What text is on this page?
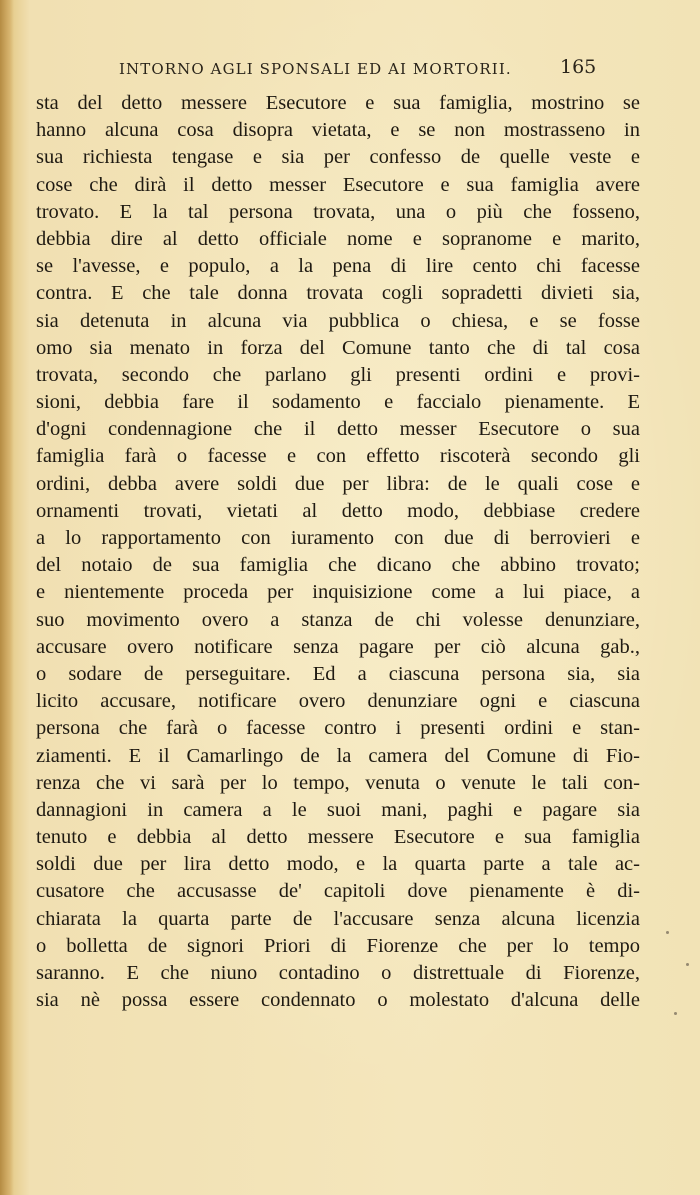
INTORNO AGLI SPONSALI ED AI MORTORII.	165
sta del detto messere Esecutore e sua famiglia, mostrino se
hanno alcuna cosa disopra vietata, e se non mostrasseno in
sua richiesta tengase e sia per confesso de quelle veste e
cose che dirà il detto messer Esecutore e sua famiglia avere
trovato. E la tal persona trovata, una o più che fosseno,
debbia dire al detto officiale nome e sopranome e marito,
se l'avesse, e populo, a la pena di lire cento chi facesse
contra. E che tale donna trovata cogli sopradetti divieti sia,
sia detenuta in alcuna via pubblica o chiesa, e se fosse
omo sia menato in forza del Comune tanto che di tal cosa
trovata, secondo che parlano gli presenti ordini e provi-
sioni, debbia fare il sodamento e faccialo pienamente. E
d'ogni condennagione che il detto messer Esecutore o sua
famiglia farà o facesse e con effetto riscoterà secondo gli
ordini, debba avere soldi due per libra: de le quali cose e
ornamenti trovati, vietati al detto modo, debbiase credere
a lo rapportamento con iuramento con due di berrovieri e
del notaio de sua famiglia che dicano che abbino trovato;
e nientemente proceda per inquisizione come a lui piace, a
suo movimento overo a stanza de chi volesse denunziare,
accusare overo notificare senza pagare per ciò alcuna gab.,
o sodare de perseguitare. Ed a ciascuna persona sia, sia
licito accusare, notificare overo denunziare ogni e ciascuna
persona che farà o facesse contro i presenti ordini e stan-
ziamenti. E il Camarlingo de la camera del Comune di Fio-
renza che vi sarà per lo tempo, venuta o venute le tali con-
dannagioni in camera a le suoi mani, paghi e pagare sia
tenuto e debbia al detto messere Esecutore e sua famiglia
soldi due per lira detto modo, e la quarta parte a tale ac-
cusatore che accusasse de' capitoli dove pienamente è di-
chiarata la quarta parte de l'accusare senza alcuna licenzia
o bolletta de signori Priori di Fiorenze che per lo tempo
saranno. E che niuno contadino o distrettuale di Fiorenze,
sia nè possa essere condennato o molestato d'alcuna delle
